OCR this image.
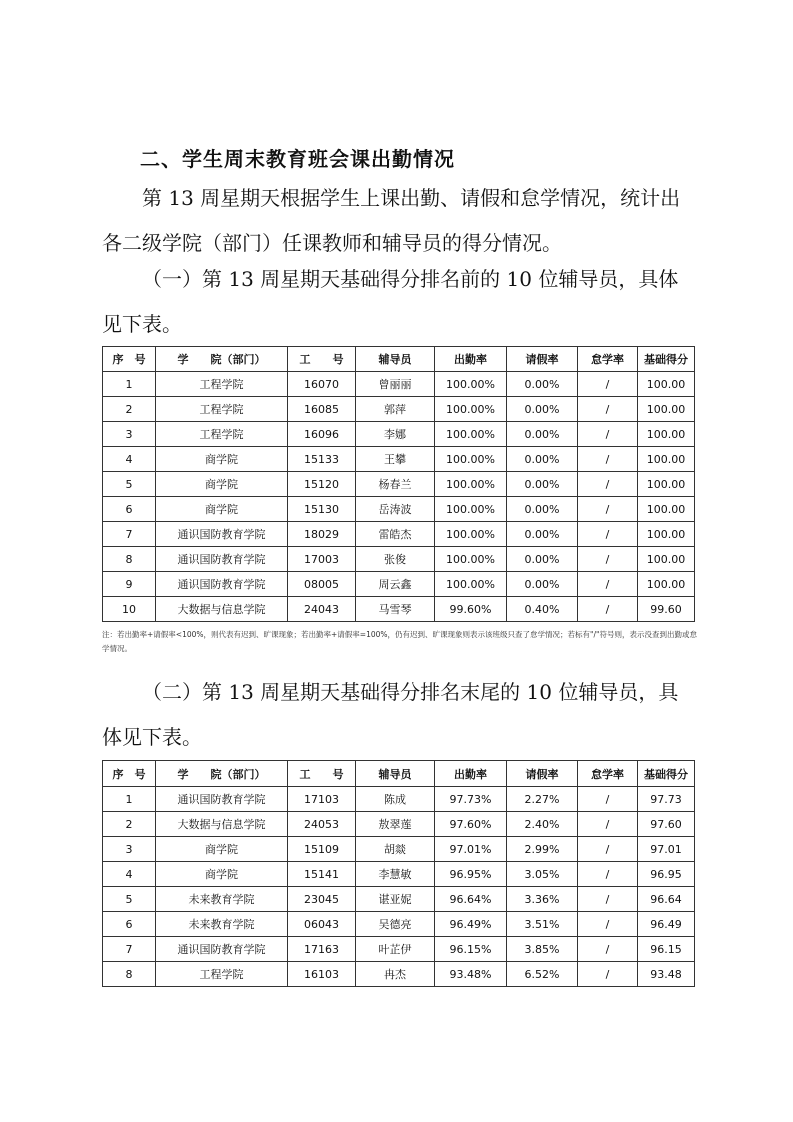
二、学生周末教育班会课出勤情况
第 13 周星期天根据学生上课出勤、请假和怠学情况，统计出各二级学院（部门）任课教师和辅导员的得分情况。
（一）第 13 周星期天基础得分排名前的 10 位辅导员，具体见下表。
序　号	学　　院（部门）	工　　号	辅导员	出勤率	请假率	怠学率	基础得分
1	工程学院	16070	曾丽丽	100.00%	0.00%	/	100.00
2	工程学院	16085	郭萍	100.00%	0.00%	/	100.00
3	工程学院	16096	李娜	100.00%	0.00%	/	100.00
4	商学院	15133	王攀	100.00%	0.00%	/	100.00
5	商学院	15120	杨春兰	100.00%	0.00%	/	100.00
6	商学院	15130	岳涛波	100.00%	0.00%	/	100.00
7	通识国防教育学院	18029	雷皓杰	100.00%	0.00%	/	100.00
8	通识国防教育学院	17003	张俊	100.00%	0.00%	/	100.00
9	通识国防教育学院	08005	周云鑫	100.00%	0.00%	/	100.00
10	大数据与信息学院	24043	马雪琴	99.60%	0.40%	/	99.60
注：若出勤率+请假率<100%，则代表有迟到、旷课现象；若出勤率+请假率=100%，仍有迟到、旷课现象则表示该班级只查了怠学情况；若标有"/"符号则，表示没查到出勤或怠学情况。
（二）第 13 周星期天基础得分排名末尾的 10 位辅导员，具体见下表。
序　号	学　　院（部门）	工　　号	辅导员	出勤率	请假率	怠学率	基础得分
1	通识国防教育学院	17103	陈成	97.73%	2.27%	/	97.73
2	大数据与信息学院	24053	敖翠莲	97.60%	2.40%	/	97.60
3	商学院	15109	胡燚	97.01%	2.99%	/	97.01
4	商学院	15141	李慧敏	96.95%	3.05%	/	96.95
5	未来教育学院	23045	谌亚妮	96.64%	3.36%	/	96.64
6	未来教育学院	06043	吴德亮	96.49%	3.51%	/	96.49
7	通识国防教育学院	17163	叶芷伊	96.15%	3.85%	/	96.15
8	工程学院	16103	冉杰	93.48%	6.52%	/	93.48
